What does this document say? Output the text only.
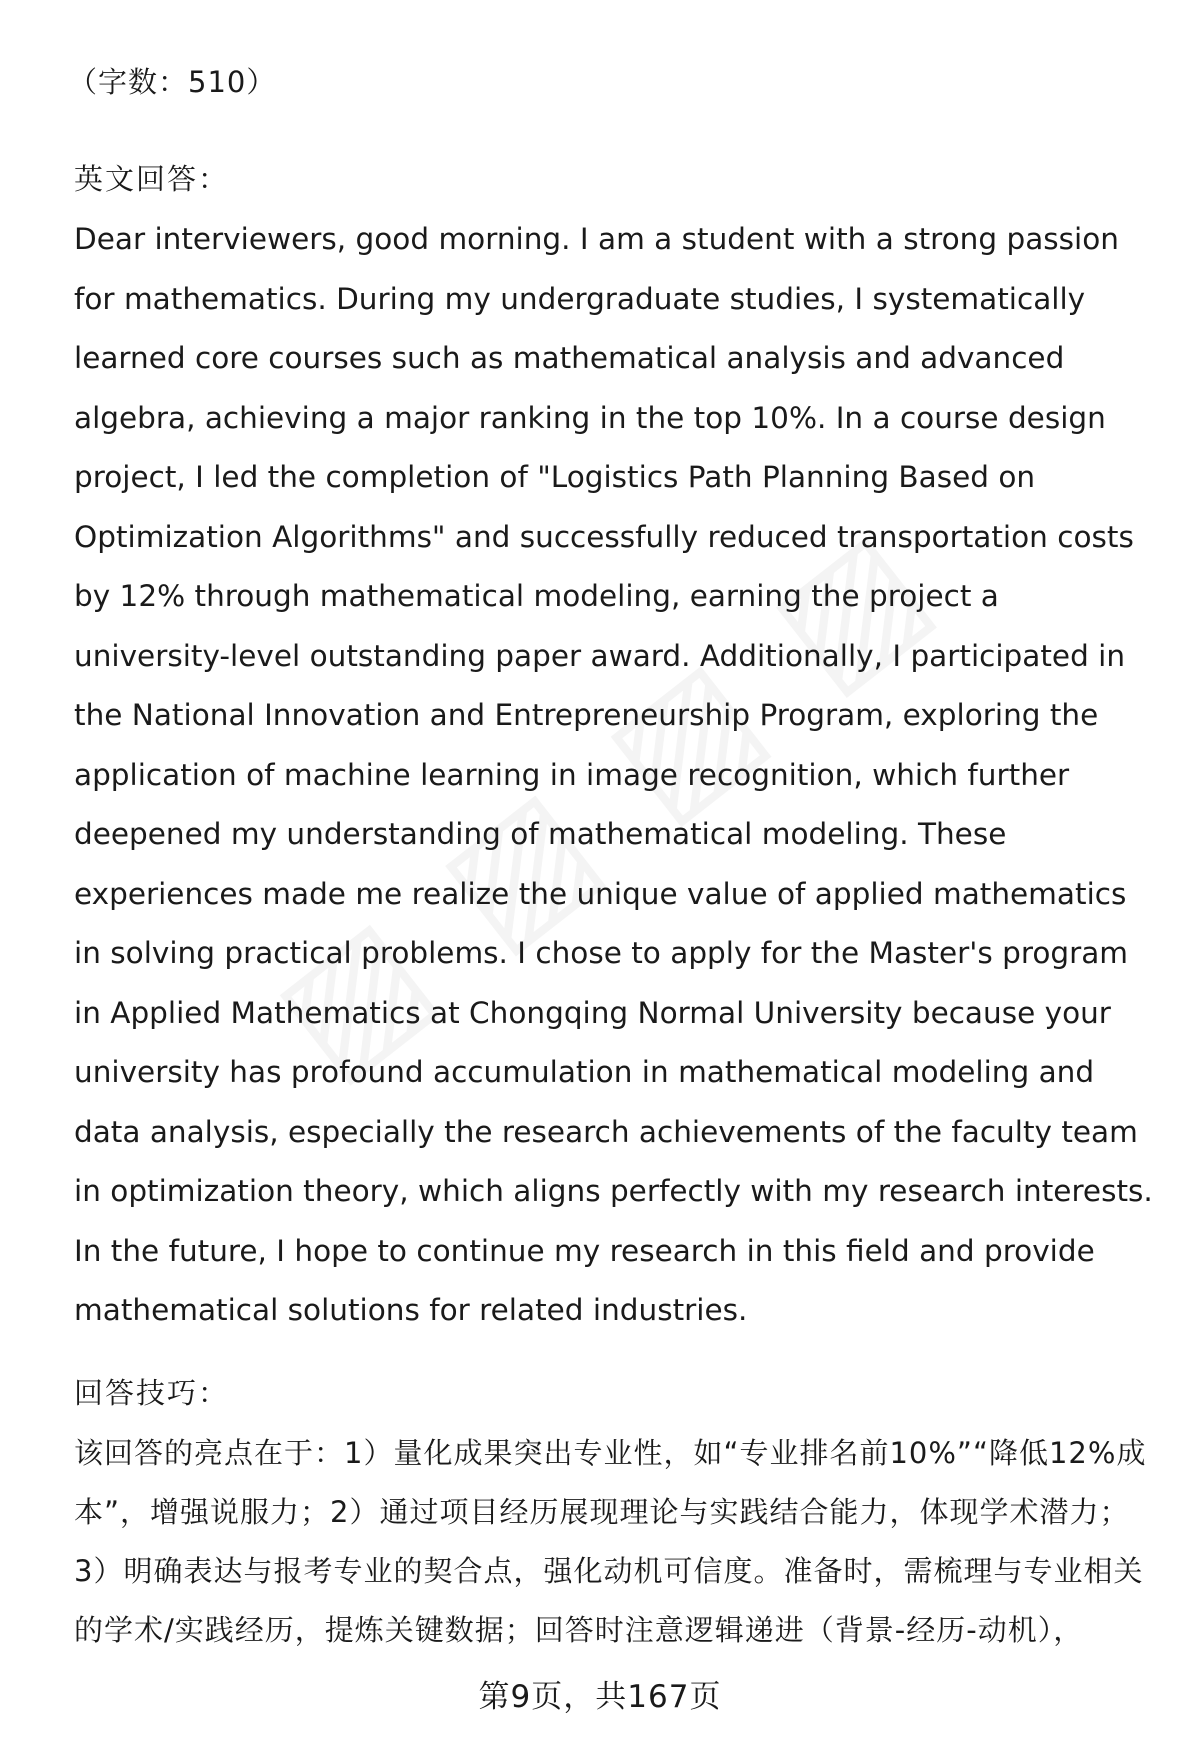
（字数：510）
英文回答：

Dear interviewers, good morning. I am a student with a strong passion for mathematics. During my undergraduate studies, I systematically learned core courses such as mathematical analysis and advanced algebra, achieving a major ranking in the top 10%. In a course design project, I led the completion of "Logistics Path Planning Based on Optimization Algorithms" and successfully reduced transportation costs by 12% through mathematical modeling, earning the project a university-level outstanding paper award. Additionally, I participated in the National Innovation and Entrepreneurship Program, exploring the application of machine learning in image recognition, which further deepened my understanding of mathematical modeling. These experiences made me realize the unique value of applied mathematics in solving practical problems. I chose to apply for the Master's program in Applied Mathematics at Chongqing Normal University because your university has profound accumulation in mathematical modeling and data analysis, especially the research achievements of the faculty team in optimization theory, which aligns perfectly with my research interests. In the future, I hope to continue my research in this field and provide mathematical solutions for related industries.

回答技巧：

该回答的亮点在于：1）量化成果突出专业性，如“专业排名前10%”“降低12%成本”，增强说服力；2）通过项目经历展现理论与实践结合能力，体现学术潜力；3）明确表达与报考专业的契合点，强化动机可信度。准备时，需梳理与专业相关的学术/实践经历，提炼关键数据；回答时注意逻辑递进（背景-经历-动机），

第9页，共167页
